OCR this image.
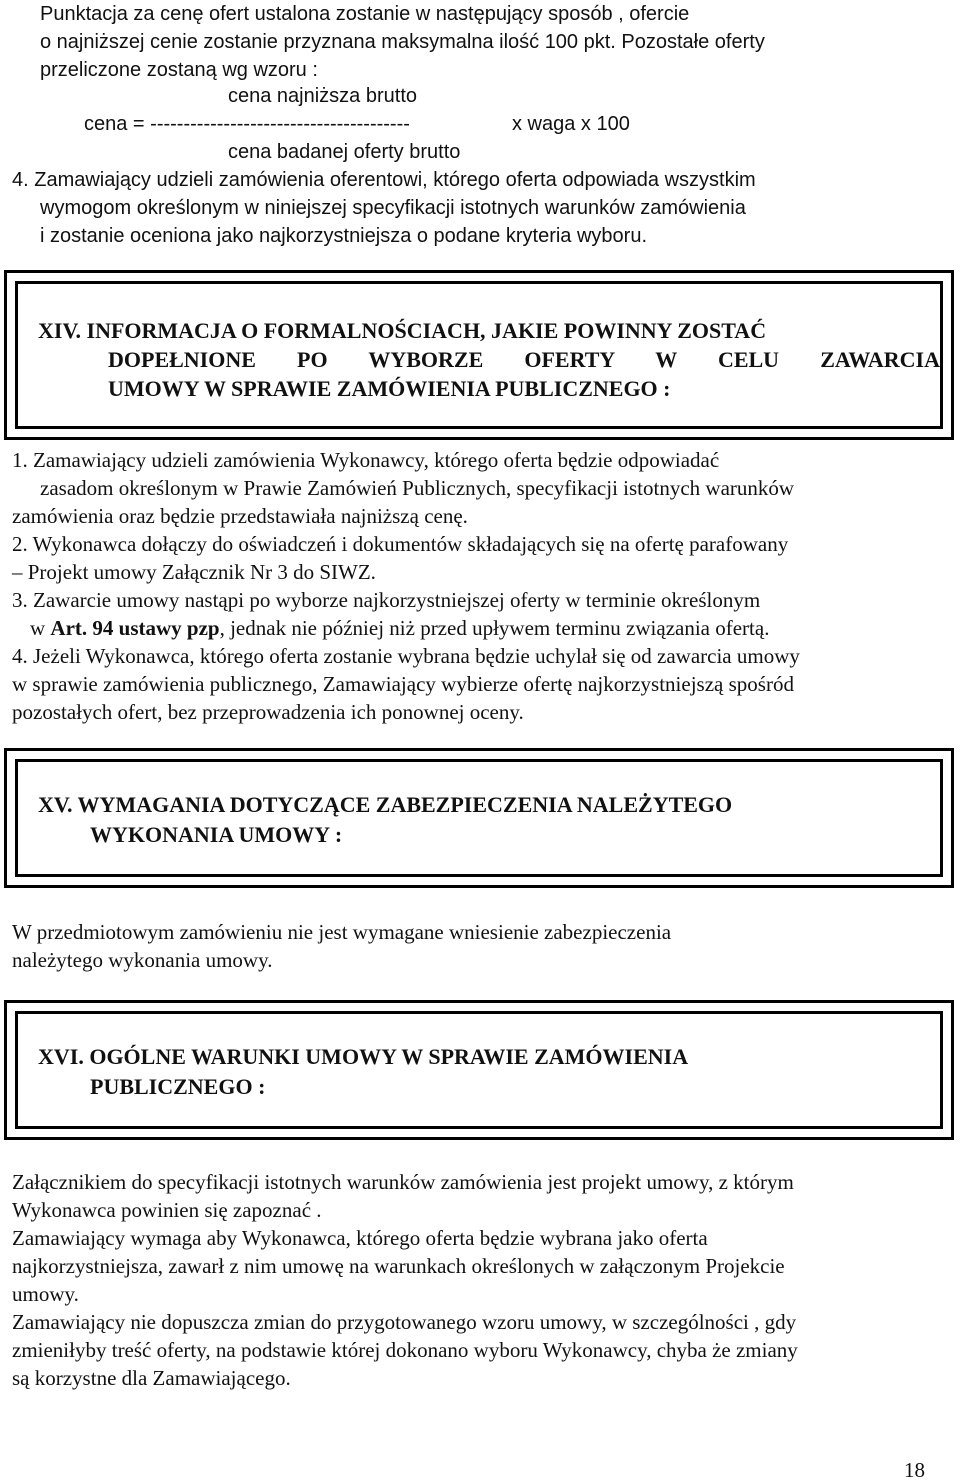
Punktacja za cenę ofert ustalona zostanie w następujący sposób , ofercie
o najniższej cenie zostanie przyznana maksymalna ilość 100 pkt. Pozostałe oferty
przeliczone zostaną wg wzoru :
cena najniższa brutto
cena = ---------------------------------------	x waga x 100
cena badanej oferty brutto
4. Zamawiający udzieli zamówienia oferentowi, którego oferta odpowiada wszystkim
wymogom określonym w niniejszej specyfikacji istotnych warunków zamówienia
i zostanie oceniona jako najkorzystniejsza o podane kryteria wyboru.
XIV. INFORMACJA O FORMALNOŚCIACH, JAKIE POWINNY ZOSTAĆ
DOPEŁNIONE PO WYBORZE OFERTY W CELU ZAWARCIA
UMOWY W SPRAWIE ZAMÓWIENIA PUBLICZNEGO :
1. Zamawiający udzieli zamówienia Wykonawcy, którego oferta będzie odpowiadać
zasadom określonym w Prawie Zamówień Publicznych, specyfikacji istotnych warunków
zamówienia oraz będzie przedstawiała najniższą cenę.
2. Wykonawca dołączy do oświadczeń i dokumentów składających się na ofertę parafowany
– Projekt umowy Załącznik Nr 3 do SIWZ.
3. Zawarcie umowy nastąpi po wyborze najkorzystniejszej oferty w terminie określonym
w Art. 94 ustawy pzp, jednak nie później niż przed upływem terminu związania ofertą.
4. Jeżeli Wykonawca, którego oferta zostanie wybrana będzie uchylał się od zawarcia umowy
w sprawie zamówienia publicznego, Zamawiający wybierze ofertę najkorzystniejszą spośród
pozostałych ofert, bez przeprowadzenia ich ponownej oceny.
XV. WYMAGANIA DOTYCZĄCE ZABEZPIECZENIA NALEŻYTEGO
WYKONANIA UMOWY :
W przedmiotowym zamówieniu nie jest wymagane wniesienie zabezpieczenia
należytego wykonania umowy.
XVI. OGÓLNE WARUNKI UMOWY W SPRAWIE ZAMÓWIENIA
PUBLICZNEGO :
Załącznikiem do specyfikacji istotnych warunków zamówienia jest projekt umowy, z którym
Wykonawca powinien się zapoznać .
Zamawiający wymaga aby Wykonawca, którego oferta będzie wybrana jako oferta
najkorzystniejsza, zawarł z nim umowę na warunkach określonych w załączonym Projekcie
umowy.
Zamawiający nie dopuszcza zmian do przygotowanego wzoru umowy, w szczególności , gdy
zmieniłyby treść oferty, na podstawie której dokonano wyboru Wykonawcy, chyba że zmiany
są korzystne dla Zamawiającego.
18
